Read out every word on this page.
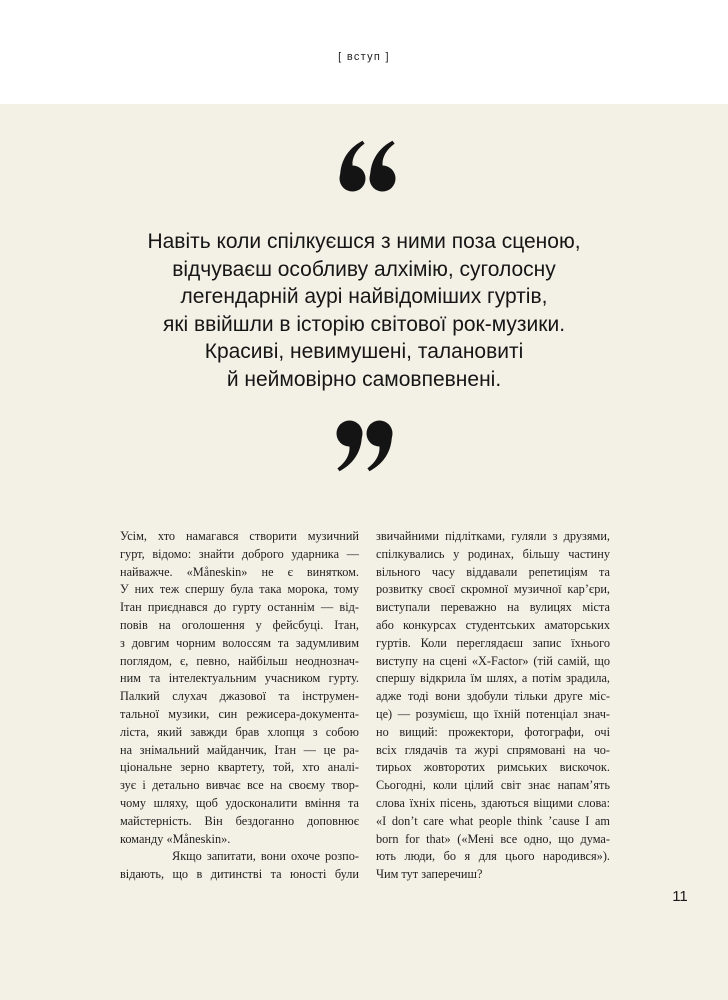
[ вступ ]
Навіть коли спілкуєшся з ними поза сценою,
відчуваєш особливу алхімію, суголосну
легендарній аурі найвідоміших гуртів,
які ввійшли в історію світової рок-музики.
Красиві, невимушені, талановиті
й неймовірно самовпевнені.
Усім, хто намагався створити музичний
гурт, відомо: знайти доброго ударника —
найважче. «Måneskin» не є винятком.
У них теж спершу була така морока, тому
Ітан приєднався до гурту останнім — від-
повів на оголошення у фейсбуці. Ітан,
з довгим чорним волоссям та задумливим
поглядом, є, певно, найбільш неоднознач-
ним та інтелектуальним учасником гурту.
Палкий слухач джазової та інструмен-
тальної музики, син режисера-документа-
ліста, який завжди брав хлопця з собою
на знімальний майданчик, Ітан — це ра-
ціональне зерно квартету, той, хто аналі-
зує і детально вивчає все на своєму твор-
чому шляху, щоб удосконалити вміння та
майстерність. Він бездоганно доповнює
команду «Måneskin».
Якщо запитати, вони охоче розпо-
відають, що в дитинстві та юності були
звичайними підлітками, гуляли з друзями,
спілкувались у родинах, більшу частину
вільного часу віддавали репетиціям та
розвитку своєї скромної музичної кар’єри,
виступали переважно на вулицях міста
або конкурсах студентських аматорських
гуртів. Коли переглядаєш запис їхнього
виступу на сцені «X-Factor» (тій самій, що
спершу відкрила їм шлях, а потім зрадила,
адже тоді вони здобули тільки друге міс-
це) — розумієш, що їхній потенціал знач-
но вищий: прожектори, фотографи, очі
всіх глядачів та журі спрямовані на чо-
тирьох жовторотих римських вискочок.
Сьогодні, коли цілий світ знає напам’ять
слова їхніх пісень, здаються віщими слова:
«I don’t care what people think ’cause I am
born for that» («Мені все одно, що дума-
ють люди, бо я для цього народився»).
Чим тут заперечиш?
11
